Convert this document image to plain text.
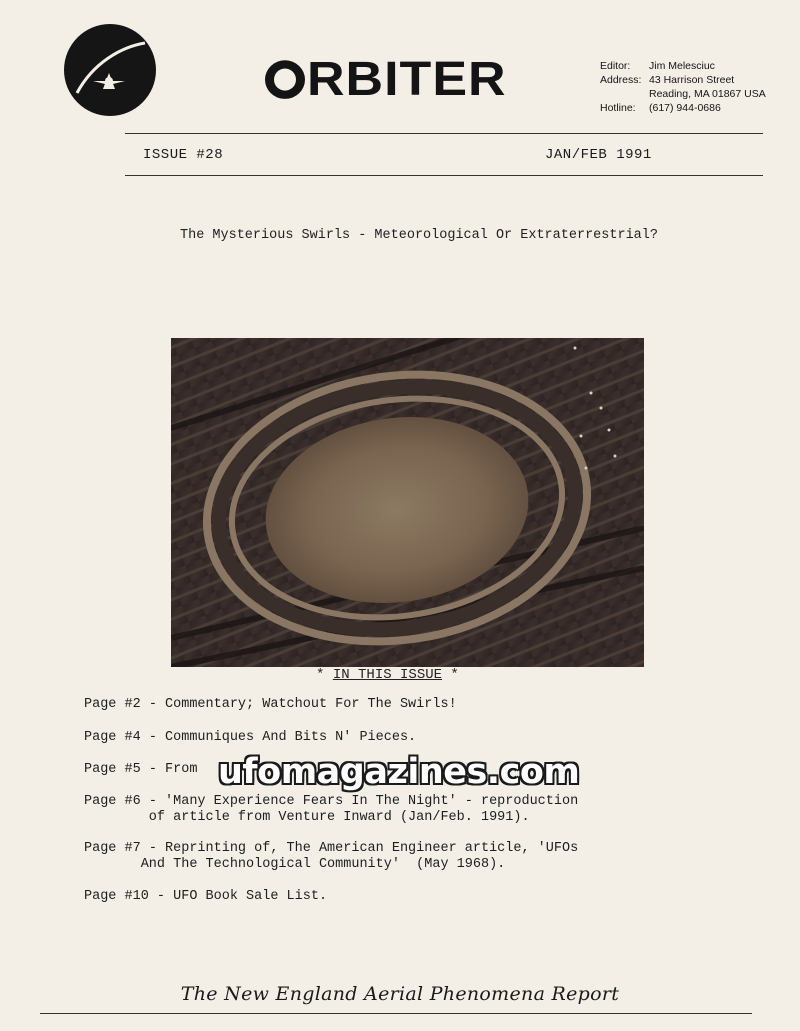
RBITER	Editor:	Jim Melesciuc
Address: 43 Harrison Street
Reading, MA 01867 USA
Hotline:	(617) 944-0686
ISSUE #28	JAN/FEB 1991
The Mysterious Swirls - Meteorological Or Extraterrestrial?
* IN THIS ISSUE *
Page #2 - Commentary; Watchout For The Swirls!
Page #4 - Communiques And Bits N' Pieces.
Page #5 - From
Page #6 - 'Many Experience Fears In The Night' - reproduction
of article from Venture Inward (Jan/Feb. 1991).
Page #7 - Reprinting of, The American Engineer article, 'UFOs
And The Technological Community'  (May 1968).
Page #10 - UFO Book Sale List.
ufomagazines.com
The New England Aerial Phenomena Report
